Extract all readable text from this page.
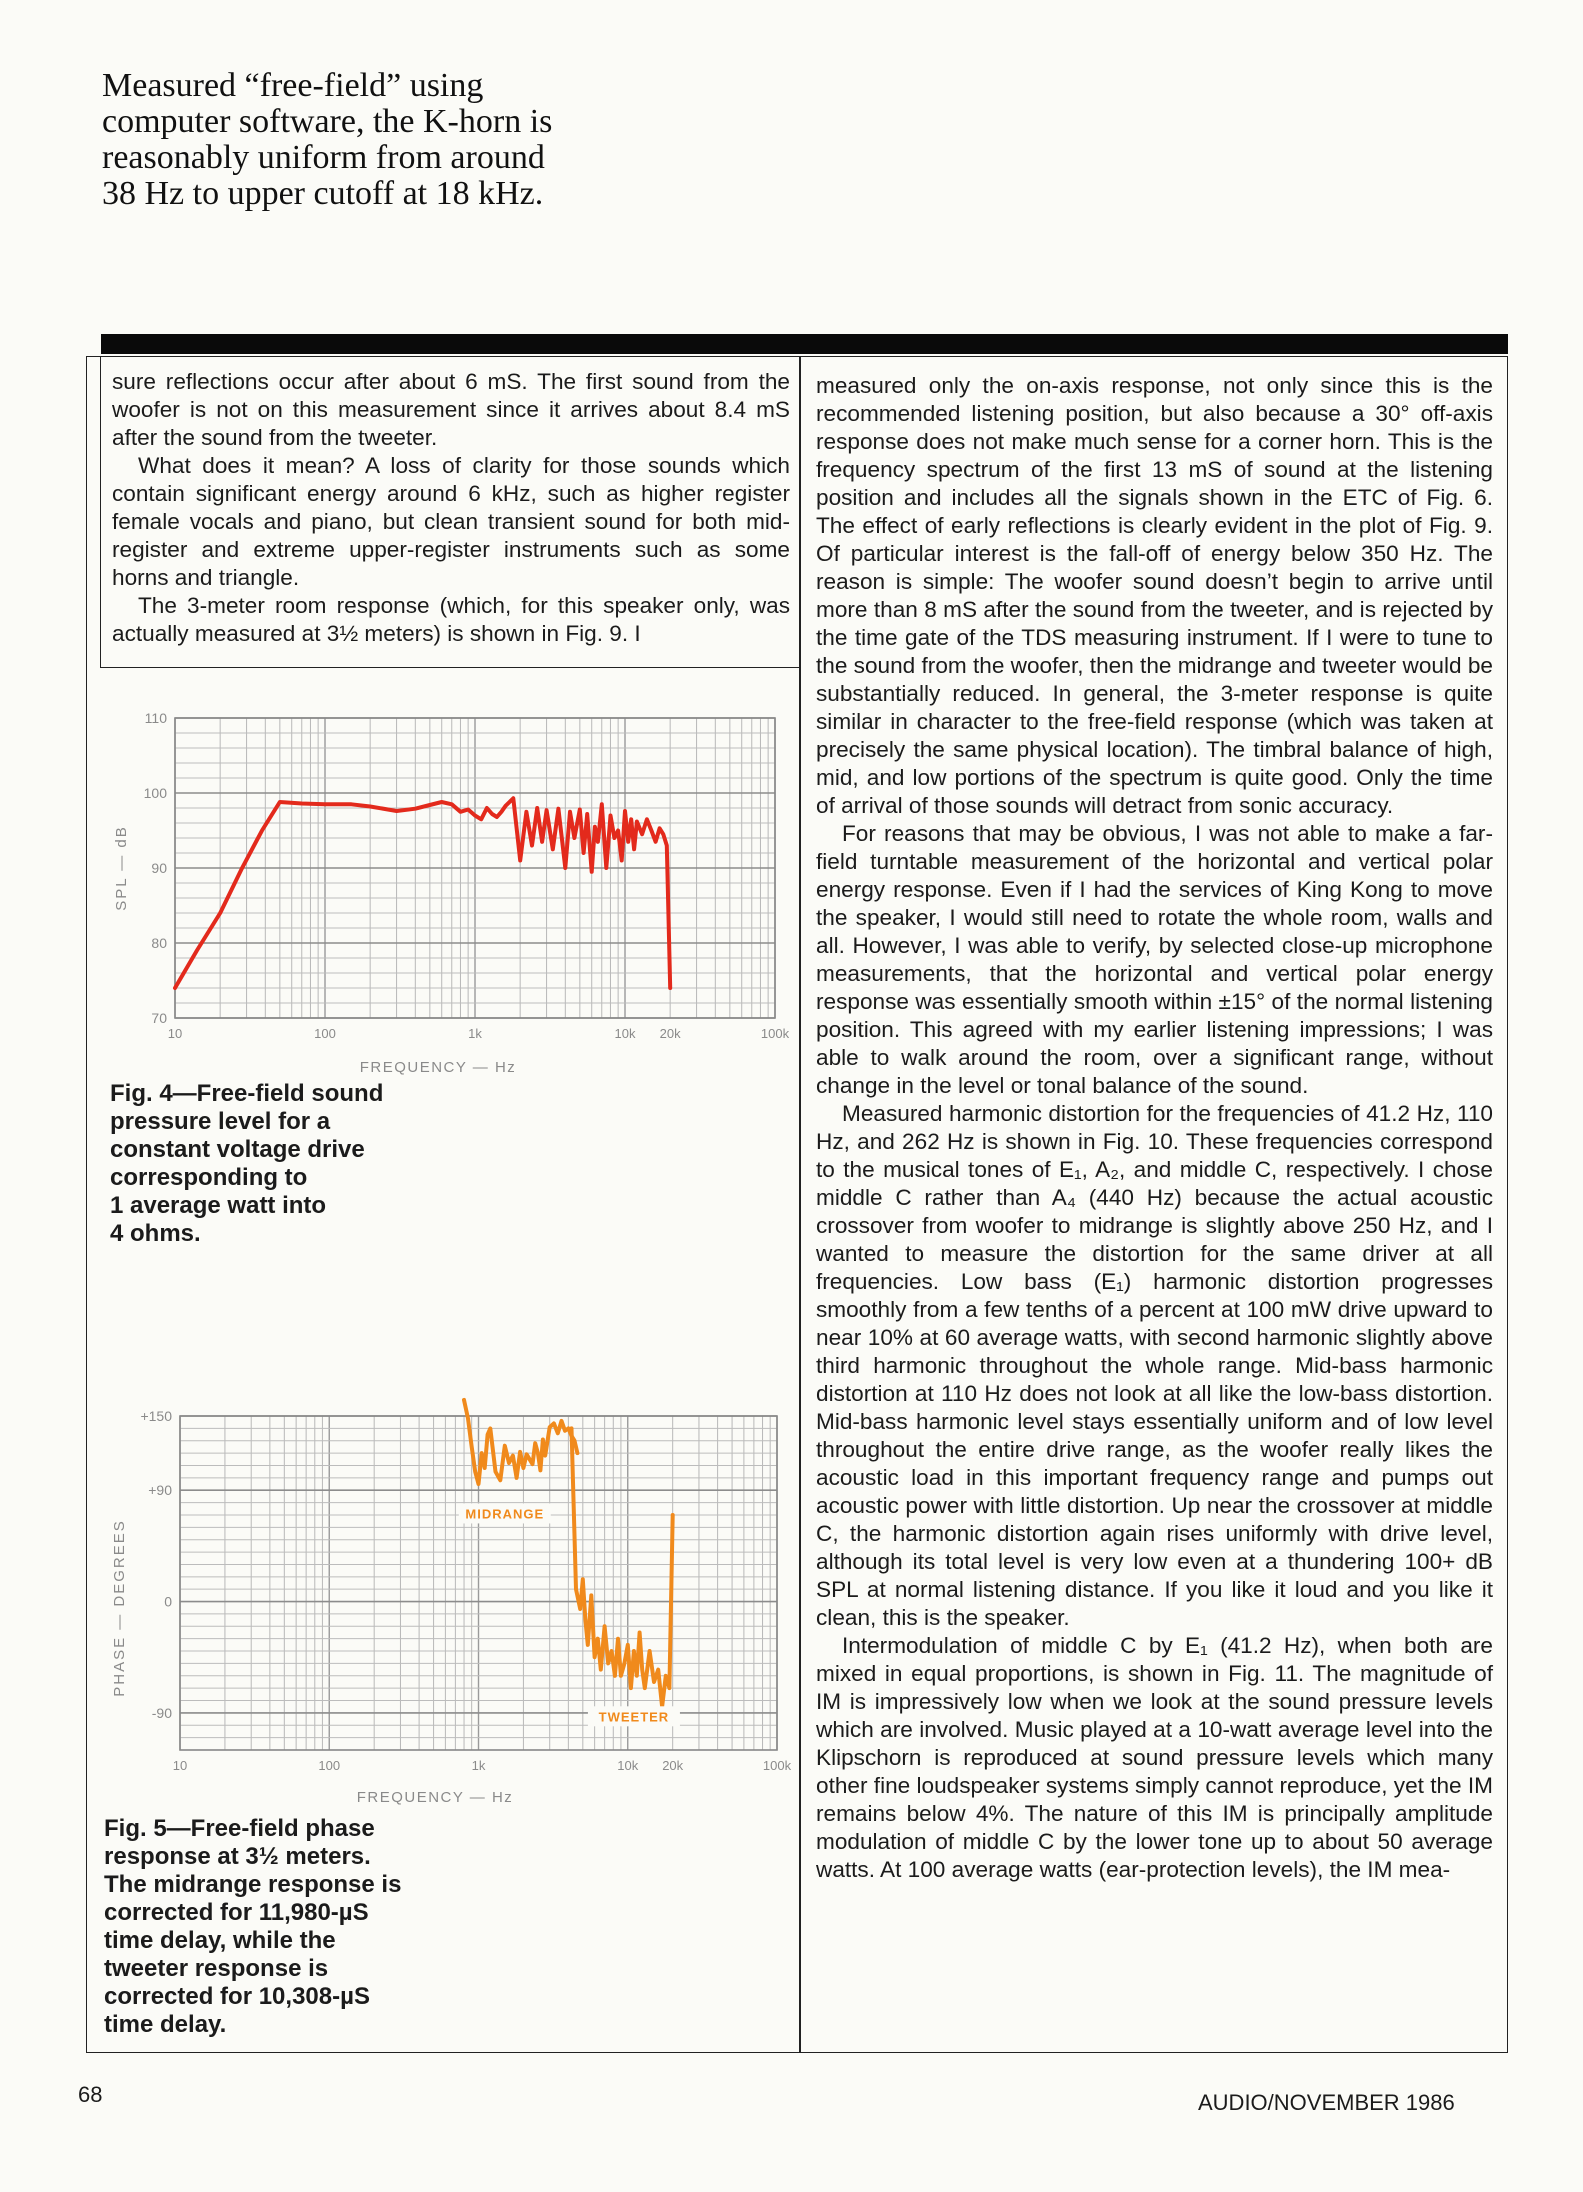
Measured “free-field” using computer software, the K-horn is reasonably uniform from around 38 Hz to upper cutoff at 18 kHz.

sure reflections occur after about 6 mS. The first sound from the woofer is not on this measurement since it arrives about 8.4 mS after the sound from the tweeter.

What does it mean? A loss of clarity for those sounds which contain significant energy around 6 kHz, such as higher register female vocals and piano, but clean transient sound for both mid-register and extreme upper-register instruments such as some horns and triangle.

The 3-meter room response (which, for this speaker only, was actually measured at 3½ meters) is shown in Fig. 9. I

measured only the on-axis response, not only since this is the recommended listening position, but also because a 30° off-axis response does not make much sense for a corner horn. This is the frequency spectrum of the first 13 mS of sound at the listening position and includes all the signals shown in the ETC of Fig. 6. The effect of early reflections is clearly evident in the plot of Fig. 9. Of particular interest is the fall-off of energy below 350 Hz. The reason is simple: The woofer sound doesn’t begin to arrive until more than 8 mS after the sound from the tweeter, and is rejected by the time gate of the TDS measuring instrument. If I were to tune to the sound from the woofer, then the midrange and tweeter would be substantially reduced. In general, the 3-meter response is quite similar in character to the free-field response (which was taken at precisely the same physical location). The timbral balance of high, mid, and low portions of the spectrum is quite good. Only the time of arrival of those sounds will detract from sonic accuracy.

For reasons that may be obvious, I was not able to make a far-field turntable measurement of the horizontal and vertical polar energy response. Even if I had the services of King Kong to move the speaker, I would still need to rotate the whole room, walls and all. However, I was able to verify, by selected close-up microphone measurements, that the horizontal and vertical polar energy response was essentially smooth within ±15° of the normal listening position. This agreed with my earlier listening impressions; I was able to walk around the room, over a significant range, without change in the level or tonal balance of the sound.

Measured harmonic distortion for the frequencies of 41.2 Hz, 110 Hz, and 262 Hz is shown in Fig. 10. These frequencies correspond to the musical tones of E₁, A₂, and middle C, respectively. I chose middle C rather than A₄ (440 Hz) because the actual acoustic crossover from woofer to midrange is slightly above 250 Hz, and I wanted to measure the distortion for the same driver at all frequencies. Low bass (E₁) harmonic distortion progresses smoothly from a few tenths of a percent at 100 mW drive upward to near 10% at 60 average watts, with second harmonic slightly above third harmonic throughout the whole range. Mid-bass harmonic distortion at 110 Hz does not look at all like the low-bass distortion. Mid-bass harmonic level stays essentially uniform and of low level throughout the entire drive range, as the woofer really likes the acoustic load in this important frequency range and pumps out acoustic power with little distortion. Up near the crossover at middle C, the harmonic distortion again rises uniformly with drive level, although its total level is very low even at a thundering 100+ dB SPL at normal listening distance. If you like it loud and you like it clean, this is the speaker.

Intermodulation of middle C by E₁ (41.2 Hz), when both are mixed in equal proportions, is shown in Fig. 11. The magnitude of IM is impressively low when we look at the sound pressure levels which are involved. Music played at a 10-watt average level into the Klipschorn is reproduced at sound pressure levels which many other fine loudspeaker systems simply cannot reproduce, yet the IM remains below 4%. The nature of this IM is principally amplitude modulation of middle C by the lower tone up to about 50 average watts. At 100 average watts (ear-protection levels), the IM mea-

70
80
90
100
110
10	100	1k	10k 20k	100k
FREQUENCY — Hz
SPL — dB

Fig. 4—Free-field sound
pressure level for a
constant voltage drive
corresponding to
1 average watt into
4 ohms.

-90
0
+90
+150
10	100	1k	10k 20k	100k
FREQUENCY — Hz
PHASE — DEGREES
MIDRANGE
TWEETER

Fig. 5—Free-field phase
response at 3½ meters.
The midrange response is
corrected for 11,980-µS
time delay, while the
tweeter response is
corrected for 10,308-µS
time delay.

68	AUDIO/NOVEMBER 1986
